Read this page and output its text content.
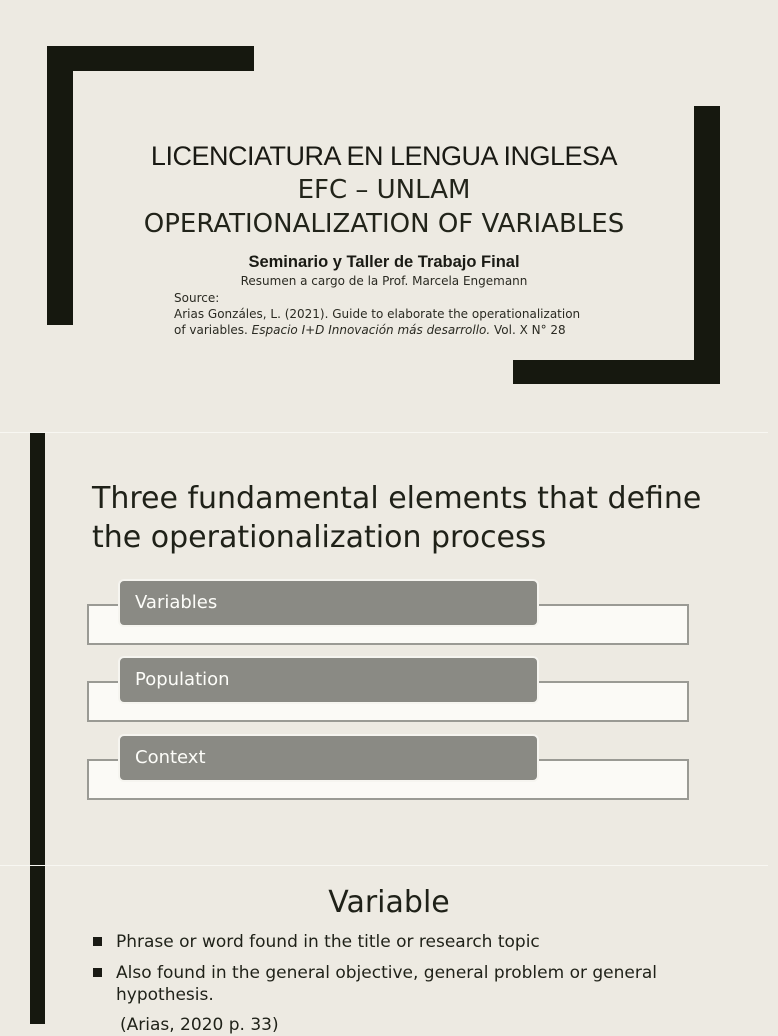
LICENCIATURA EN LENGUA INGLESA
EFC – UNLAM
OPERATIONALIZATION OF VARIABLES
Seminario y Taller de Trabajo Final
Resumen a cargo de la Prof. Marcela Engemann
Source:
Arias Gonzáles, L. (2021). Guide to elaborate the operationalization
of variables. Espacio I+D Innovación más desarrollo. Vol. X N° 28
Three fundamental elements that define the operationalization process
Variables
Population
Context
Variable
Phrase or word found in the title or research topic
Also found in the general objective, general problem or general hypothesis.
(Arias, 2020 p. 33)
